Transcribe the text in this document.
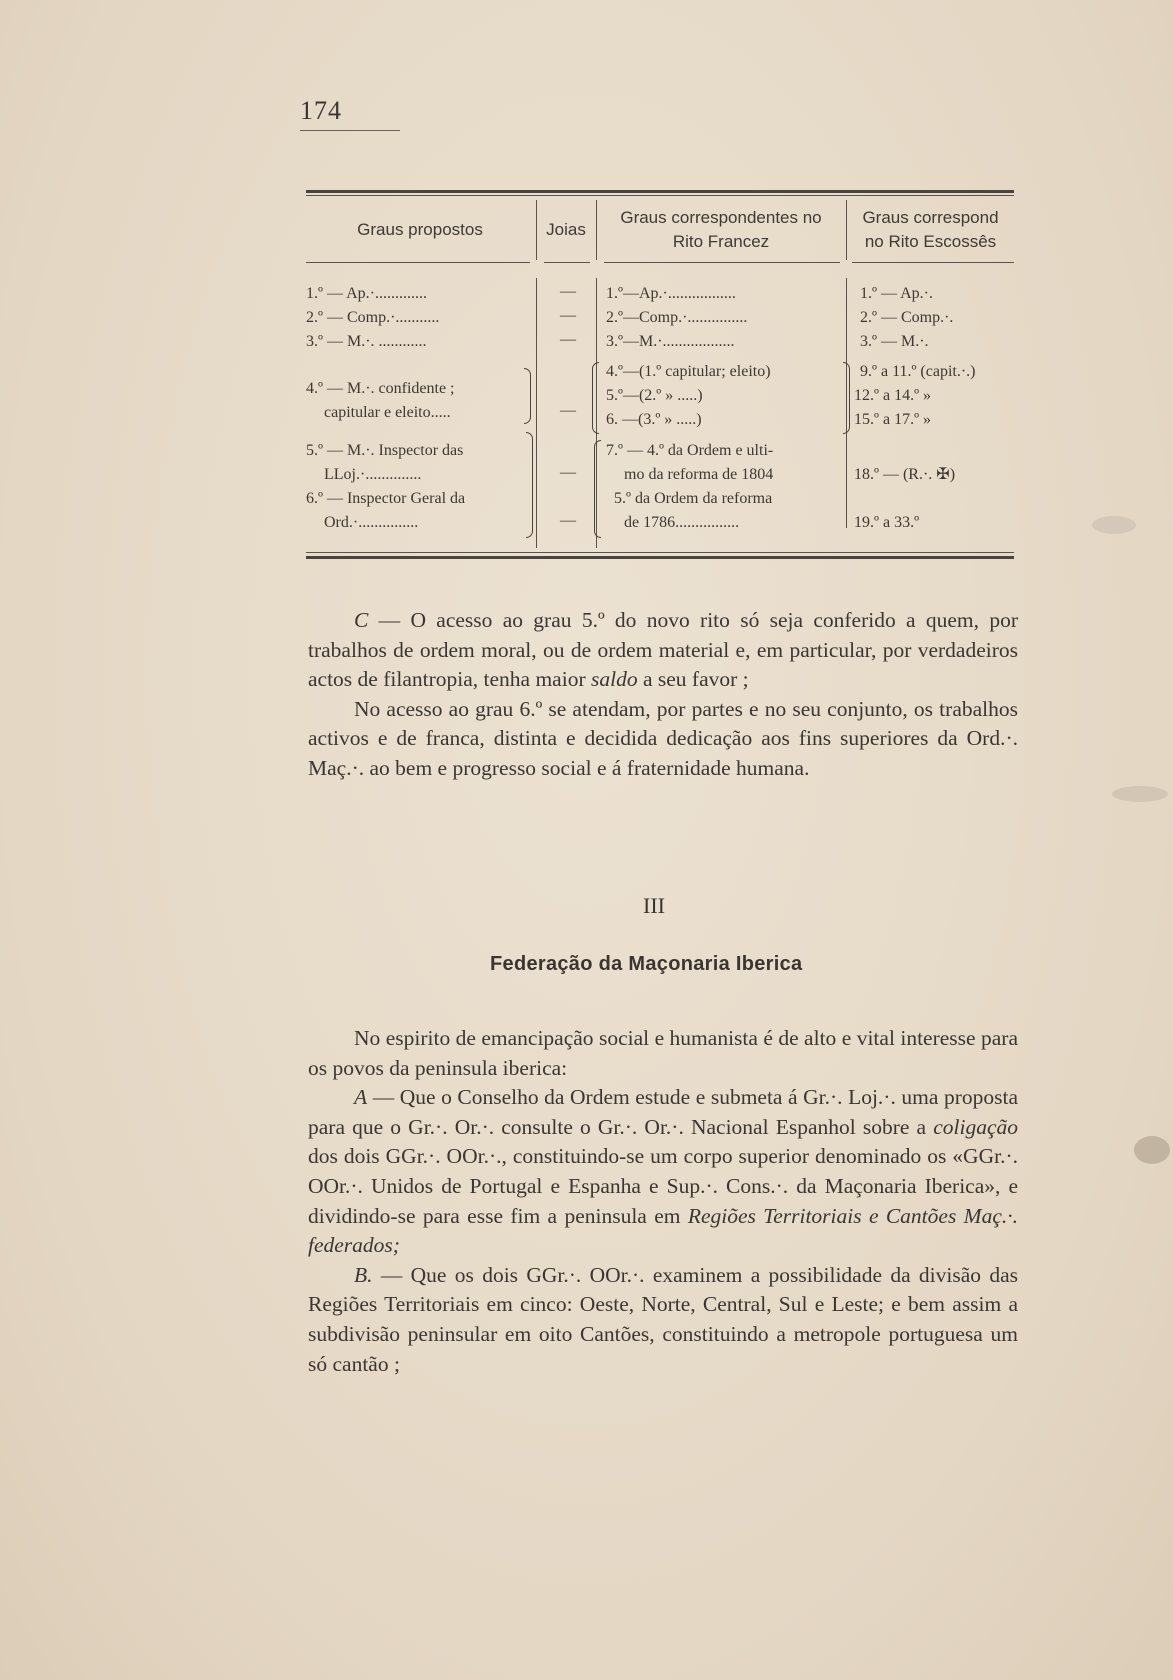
174
Graus propostos	Joias
Graus correspondentes no
Rito Francez
Graus correspond
no Rito Escossês
1.º — Ap.·.............
2.º — Comp.·...........
3.º — M.·. ............
4.º — M.·. confidente ;
capitular e eleito.....
5.º — M.·. Inspector das
LLoj.·..............
6.º — Inspector Geral da
Ord.·...............
—
—
—
—
—
—
1.º—Ap.·.................
2.º—Comp.·...............
3.º—M.·..................
4.º—(1.º capitular; eleito)
5.º—(2.º » .....)
6. —(3.º » .....)
7.º — 4.º da Ordem e ulti-
mo da reforma de 1804
5.º da Ordem da reforma
de 1786................
1.º — Ap.·.
2.º — Comp.·.
3.º — M.·.
9.º a 11.º (capit.·.)
12.º a 14.º »
15.º a 17.º »
18.º — (R.·. ✠)
19.º a 33.º

C — O acesso ao grau 5.º do novo rito só seja conferido a quem, por trabalhos de ordem moral, ou de ordem material e, em particular, por verdadeiros actos de filantropia, tenha maior saldo a seu favor ;

No acesso ao grau 6.º se atendam, por partes e no seu conjunto, os trabalhos activos e de franca, distinta e decidida dedicação aos fins superiores da Ord.·. Maç.·. ao bem e progresso social e á fraternidade humana.

III
Federação da Maçonaria Iberica

No espirito de emancipação social e humanista é de alto e vital interesse para os povos da peninsula iberica:

A — Que o Conselho da Ordem estude e submeta á Gr.·. Loj.·. uma proposta para que o Gr.·. Or.·. consulte o Gr.·. Or.·. Nacional Espanhol sobre a coligação dos dois GGr.·. OOr.·., constituindo-se um corpo superior denominado os «GGr.·. OOr.·. Unidos de Portugal e Espanha e Sup.·. Cons.·. da Maçonaria Iberica», e dividindo-se para esse fim a peninsula em Regiões Territoriais e Cantões Maç.·. federados;

B. — Que os dois GGr.·. OOr.·. examinem a possibilidade da divisão das Regiões Territoriais em cinco: Oeste, Norte, Central, Sul e Leste; e bem assim a subdivisão peninsular em oito Cantões, constituindo a metropole portuguesa um só cantão ;
